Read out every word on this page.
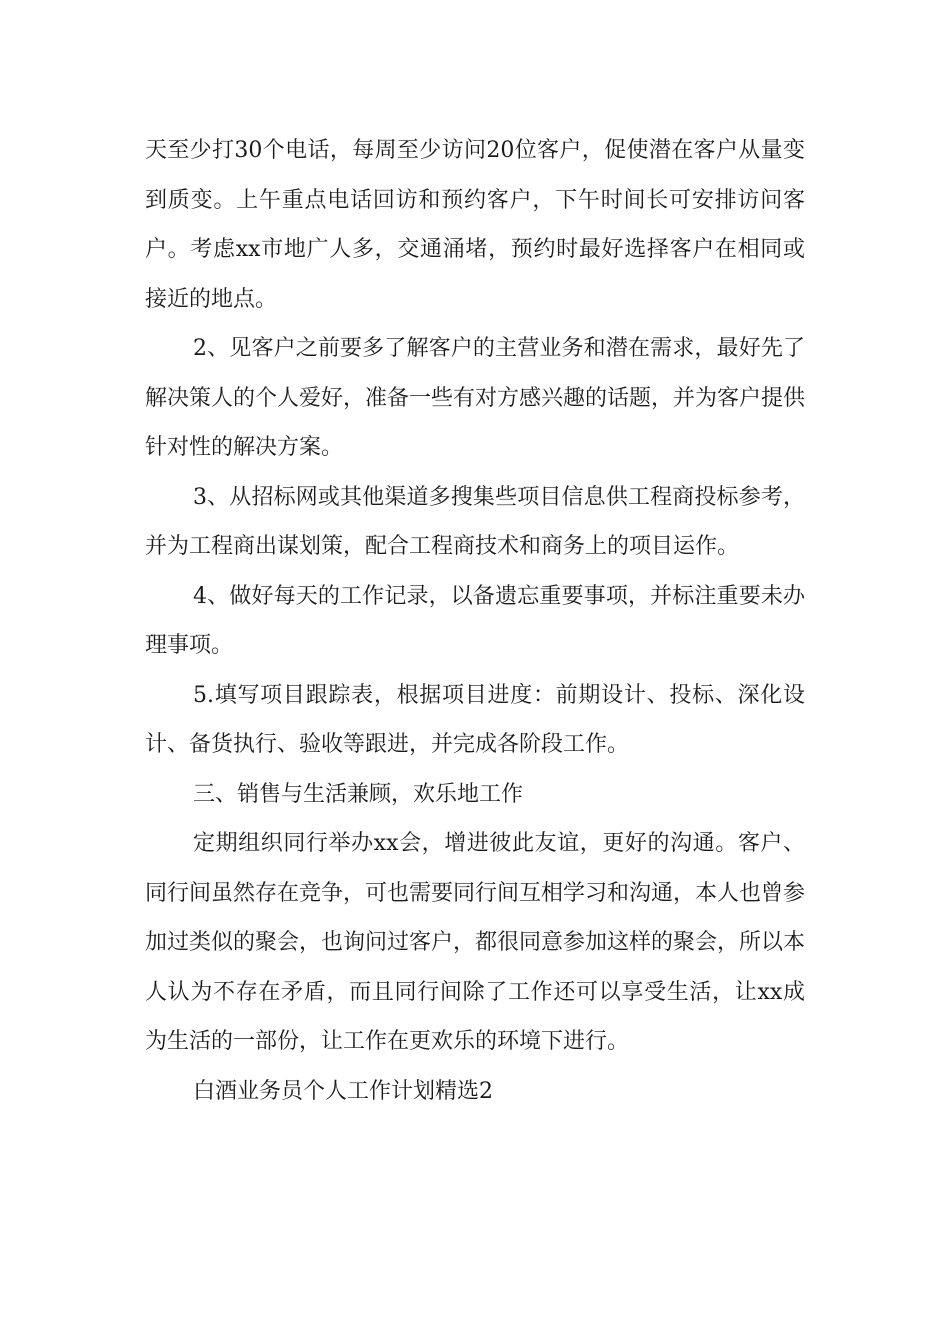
天至少打30个电话，每周至少访问20位客户，促使潜在客户从量变到质变。上午重点电话回访和预约客户，下午时间长可安排访问客户。考虑xx市地广人多，交通涌堵，预约时最好选择客户在相同或接近的地点。

2、见客户之前要多了解客户的主营业务和潜在需求，最好先了解决策人的个人爱好，准备一些有对方感兴趣的话题，并为客户提供针对性的解决方案。

3、从招标网或其他渠道多搜集些项目信息供工程商投标参考，并为工程商出谋划策，配合工程商技术和商务上的项目运作。

4、做好每天的工作记录，以备遗忘重要事项，并标注重要未办理事项。

5.填写项目跟踪表，根据项目进度：前期设计、投标、深化设计、备货执行、验收等跟进，并完成各阶段工作。

三、销售与生活兼顾，欢乐地工作

定期组织同行举办xx会，增进彼此友谊，更好的沟通。客户、同行间虽然存在竞争，可也需要同行间互相学习和沟通，本人也曾参加过类似的聚会，也询问过客户，都很同意参加这样的聚会，所以本人认为不存在矛盾，而且同行间除了工作还可以享受生活，让xx成为生活的一部份，让工作在更欢乐的环境下进行。

白酒业务员个人工作计划精选2
